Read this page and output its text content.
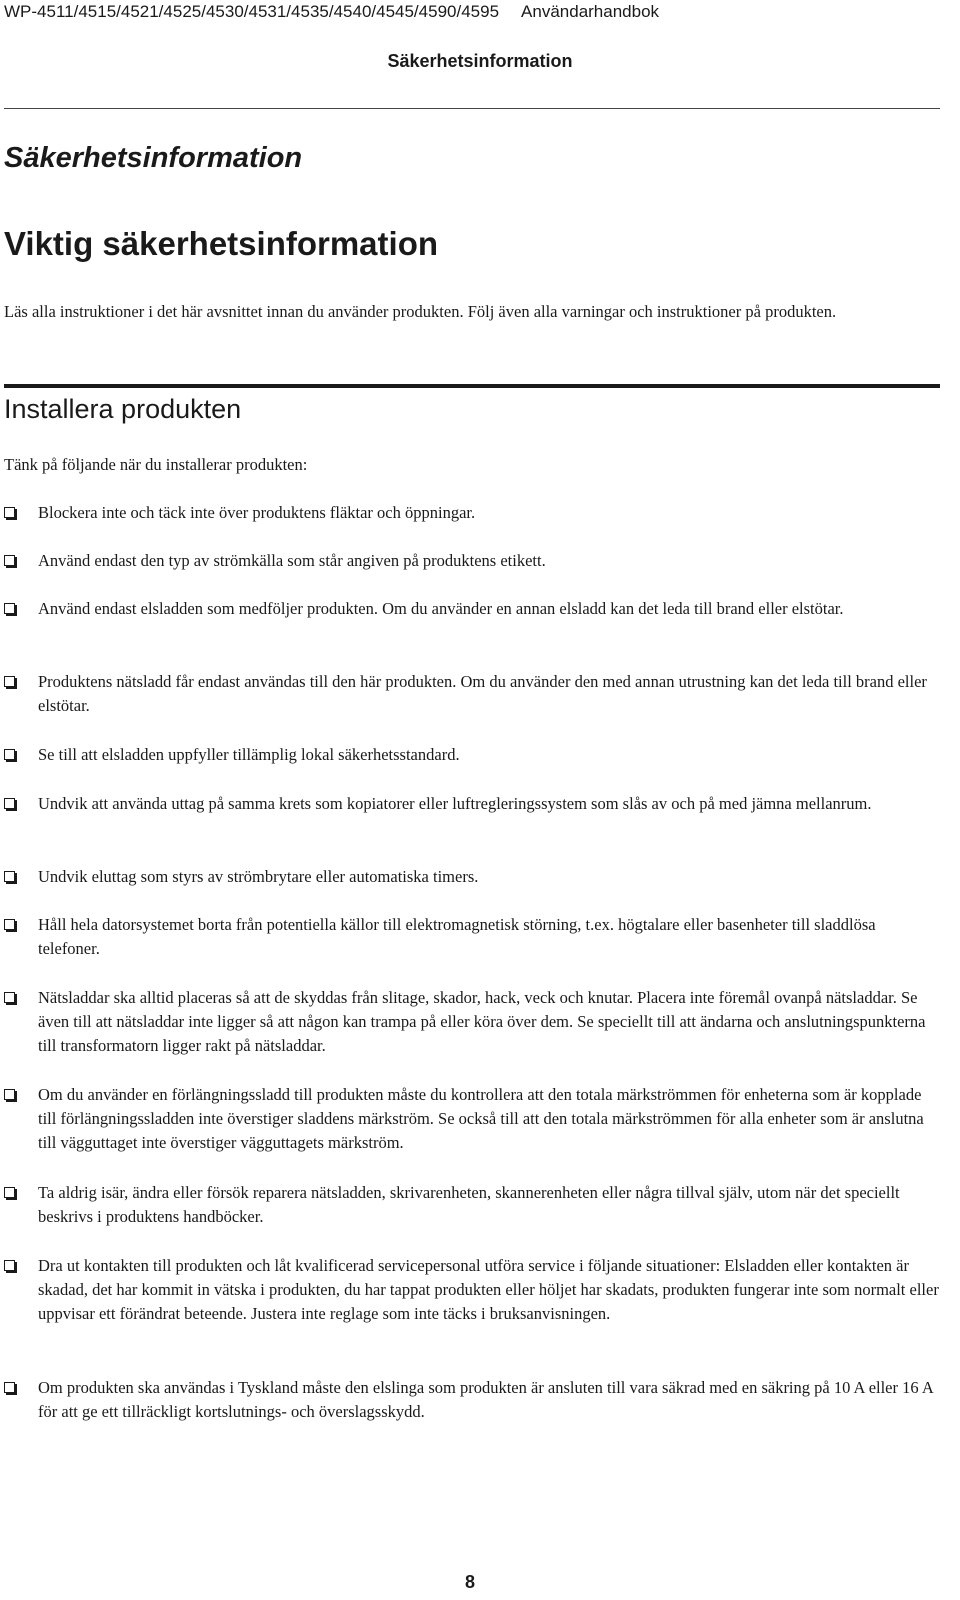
WP-4511/4515/4521/4525/4530/4531/4535/4540/4545/4590/4595 Användarhandbok
Säkerhetsinformation
Säkerhetsinformation
Viktig säkerhetsinformation
Läs alla instruktioner i det här avsnittet innan du använder produkten. Följ även alla varningar och instruktioner på produkten.
Installera produkten
Tänk på följande när du installerar produkten:
Blockera inte och täck inte över produktens fläktar och öppningar.
Använd endast den typ av strömkälla som står angiven på produktens etikett.
Använd endast elsladden som medföljer produkten. Om du använder en annan elsladd kan det leda till brand eller elstötar.
Produktens nätsladd får endast användas till den här produkten. Om du använder den med annan utrustning kan det leda till brand eller elstötar.
Se till att elsladden uppfyller tillämplig lokal säkerhetsstandard.
Undvik att använda uttag på samma krets som kopiatorer eller luftregleringssystem som slås av och på med jämna mellanrum.
Undvik eluttag som styrs av strömbrytare eller automatiska timers.
Håll hela datorsystemet borta från potentiella källor till elektromagnetisk störning, t.ex. högtalare eller basenheter till sladdlösa telefoner.
Nätsladdar ska alltid placeras så att de skyddas från slitage, skador, hack, veck och knutar. Placera inte föremål ovanpå nätsladdar. Se även till att nätsladdar inte ligger så att någon kan trampa på eller köra över dem. Se speciellt till att ändarna och anslutningspunkterna till transformatorn ligger rakt på nätsladdar.
Om du använder en förlängningssladd till produkten måste du kontrollera att den totala märkströmmen för enheterna som är kopplade till förlängningssladden inte överstiger sladdens märkström. Se också till att den totala märkströmmen för alla enheter som är anslutna till vägguttaget inte överstiger vägguttagets märkström.
Ta aldrig isär, ändra eller försök reparera nätsladden, skrivarenheten, skannerenheten eller några tillval själv, utom när det speciellt beskrivs i produktens handböcker.
Dra ut kontakten till produkten och låt kvalificerad servicepersonal utföra service i följande situationer: Elsladden eller kontakten är skadad, det har kommit in vätska i produkten, du har tappat produkten eller höljet har skadats, produkten fungerar inte som normalt eller uppvisar ett förändrat beteende. Justera inte reglage som inte täcks i bruksanvisningen.
Om produkten ska användas i Tyskland måste den elslinga som produkten är ansluten till vara säkrad med en säkring på 10 A eller 16 A för att ge ett tillräckligt kortslutnings- och överslagsskydd.
8
